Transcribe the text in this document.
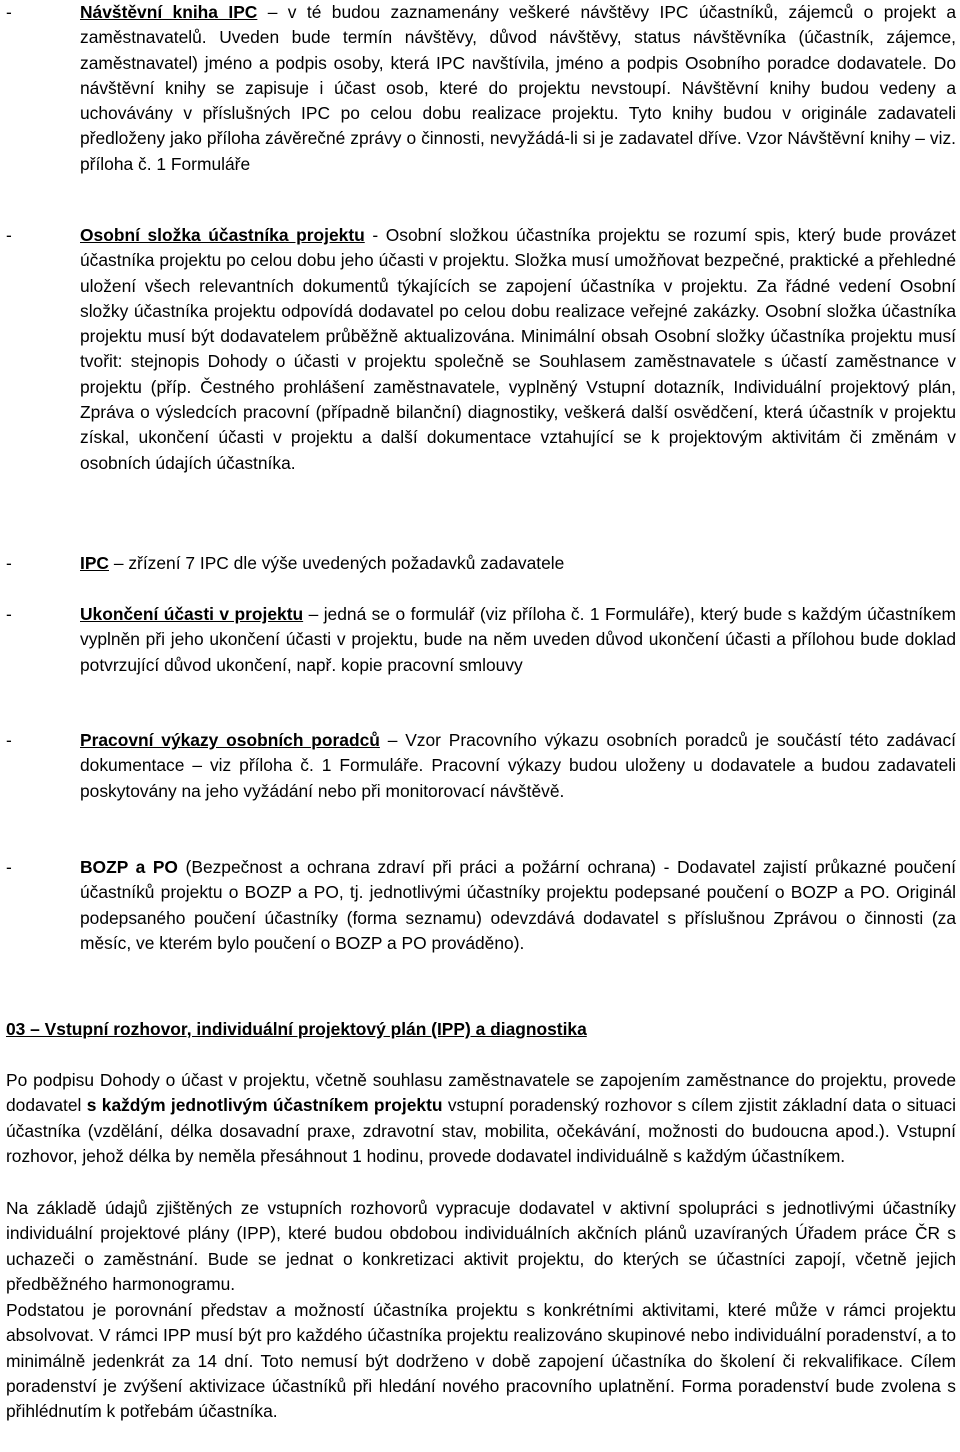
-	Návštěvní kniha IPC – v té budou zaznamenány veškeré návštěvy IPC účastníků, zájemců o projekt a zaměstnavatelů. Uveden bude termín návštěvy, důvod návštěvy, status návštěvníka (účastník, zájemce, zaměstnavatel) jméno a podpis osoby, která IPC navštívila, jméno a podpis Osobního poradce dodavatele. Do návštěvní knihy se zapisuje i účast osob, které do projektu nevstoupí. Návštěvní knihy budou vedeny a uchovávány v příslušných IPC po celou dobu realizace projektu. Tyto knihy budou v originále zadavateli předloženy jako příloha závěrečné zprávy o činnosti, nevyžádá-li si je zadavatel dříve. Vzor Návštěvní knihy – viz. příloha č. 1 Formuláře
-	Osobní složka účastníka projektu - Osobní složkou účastníka projektu se rozumí spis, který bude provázet účastníka projektu po celou dobu jeho účasti v projektu. Složka musí umožňovat bezpečné, praktické a přehledné uložení všech relevantních dokumentů týkajících se zapojení účastníka v projektu. Za řádné vedení Osobní složky účastníka projektu odpovídá dodavatel po celou dobu realizace veřejné zakázky. Osobní složka účastníka projektu musí být dodavatelem průběžně aktualizována. Minimální obsah Osobní složky účastníka projektu musí tvořit: stejnopis Dohody o účasti v projektu společně se Souhlasem zaměstnavatele s účastí zaměstnance v projektu (příp. Čestného prohlášení zaměstnavatele, vyplněný Vstupní dotazník, Individuální projektový plán, Zpráva o výsledcích pracovní (případně bilanční) diagnostiky, veškerá další osvědčení, která účastník v projektu získal, ukončení účasti v projektu a další dokumentace vztahující se k projektovým aktivitám či změnám v osobních údajích účastníka.
-	IPC – zřízení 7 IPC dle výše uvedených požadavků zadavatele
-	Ukončení účasti v projektu – jedná se o formulář (viz příloha č. 1 Formuláře), který bude s každým účastníkem vyplněn při jeho ukončení účasti v projektu, bude na něm uveden důvod ukončení účasti a přílohou bude doklad potvrzující důvod ukončení, např. kopie pracovní smlouvy
-	Pracovní výkazy osobních poradců – Vzor Pracovního výkazu osobních poradců je součástí této zadávací dokumentace – viz příloha č. 1 Formuláře. Pracovní výkazy budou uloženy u dodavatele a budou zadavateli poskytovány na jeho vyžádání nebo při monitorovací návštěvě.
-	BOZP a PO (Bezpečnost a ochrana zdraví při práci a požární ochrana) - Dodavatel zajistí průkazné poučení účastníků projektu o BOZP a PO, tj. jednotlivými účastníky projektu podepsané poučení o BOZP a PO. Originál podepsaného poučení účastníky (forma seznamu) odevzdává dodavatel s příslušnou Zprávou o činnosti (za měsíc, ve kterém bylo poučení o BOZP a PO prováděno).
03 – Vstupní rozhovor, individuální projektový plán (IPP) a diagnostika
Po podpisu Dohody o účast v projektu, včetně souhlasu zaměstnavatele se zapojením zaměstnance do projektu, provede dodavatel s každým jednotlivým účastníkem projektu vstupní poradenský rozhovor s cílem zjistit základní data o situaci účastníka (vzdělání, délka dosavadní praxe, zdravotní stav, mobilita, očekávání, možnosti do budoucna apod.). Vstupní rozhovor, jehož délka by neměla přesáhnout 1 hodinu, provede dodavatel individuálně s každým účastníkem.
Na základě údajů zjištěných ze vstupních rozhovorů vypracuje dodavatel v aktivní spolupráci s jednotlivými účastníky individuální projektové plány (IPP), které budou obdobou individuálních akčních plánů uzavíraných Úřadem práce ČR s uchazeči o zaměstnání. Bude se jednat o konkretizaci aktivit projektu, do kterých se účastníci zapojí, včetně jejich předběžného harmonogramu.
Podstatou je porovnání představ a možností účastníka projektu s konkrétními aktivitami, které může v rámci projektu absolvovat. V rámci IPP musí být pro každého účastníka projektu realizováno skupinové nebo individuální poradenství, a to minimálně jedenkrát za 14 dní. Toto nemusí být dodrženo v době zapojení účastníka do školení či rekvalifikace. Cílem poradenství je zvýšení aktivizace účastníků při hledání nového pracovního uplatnění. Forma poradenství bude zvolena s přihlédnutím k potřebám účastníka.
